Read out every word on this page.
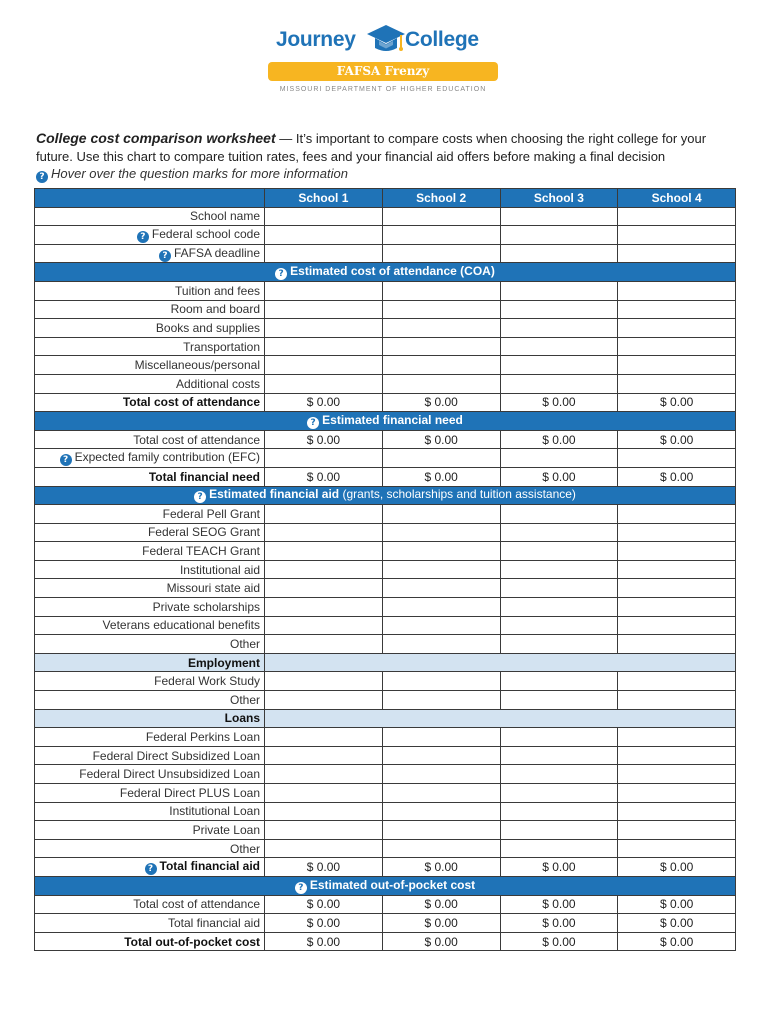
Journey College
FAFSA Frenzy
MISSOURI DEPARTMENT OF HIGHER EDUCATION
College cost comparison worksheet — It’s important to compare costs when choosing the right college for your future. Use this chart to compare tuition rates, fees and your financial aid offers before making a final decision
? Hover over the question marks for more information
	School 1	School 2	School 3	School 4
School name				
? Federal school code				
? FAFSA deadline				
? Estimated cost of attendance (COA)				
Tuition and fees				
Room and board				
Books and supplies				
Transportation				
Miscellaneous/personal				
Additional costs				
Total cost of attendance	$ 0.00	$ 0.00	$ 0.00	$ 0.00
? Estimated financial need				
Total cost of attendance	$ 0.00	$ 0.00	$ 0.00	$ 0.00
? Expected family contribution (EFC)				
Total financial need	$ 0.00	$ 0.00	$ 0.00	$ 0.00
? Estimated financial aid (grants, scholarships and tuition assistance)				
Federal Pell Grant				
Federal SEOG Grant				
Federal TEACH Grant				
Institutional aid				
Missouri state aid				
Private scholarships				
Veterans educational benefits				
Other				
Employment				
Federal Work Study				
Other				
Loans				
Federal Perkins Loan				
Federal Direct Subsidized Loan				
Federal Direct Unsubsidized Loan				
Federal Direct PLUS Loan				
Institutional Loan				
Private Loan				
Other				
? Total financial aid	$ 0.00	$ 0.00	$ 0.00	$ 0.00
? Estimated out-of-pocket cost				
Total cost of attendance	$ 0.00	$ 0.00	$ 0.00	$ 0.00
Total financial aid	$ 0.00	$ 0.00	$ 0.00	$ 0.00
Total out-of-pocket cost	$ 0.00	$ 0.00	$ 0.00	$ 0.00
